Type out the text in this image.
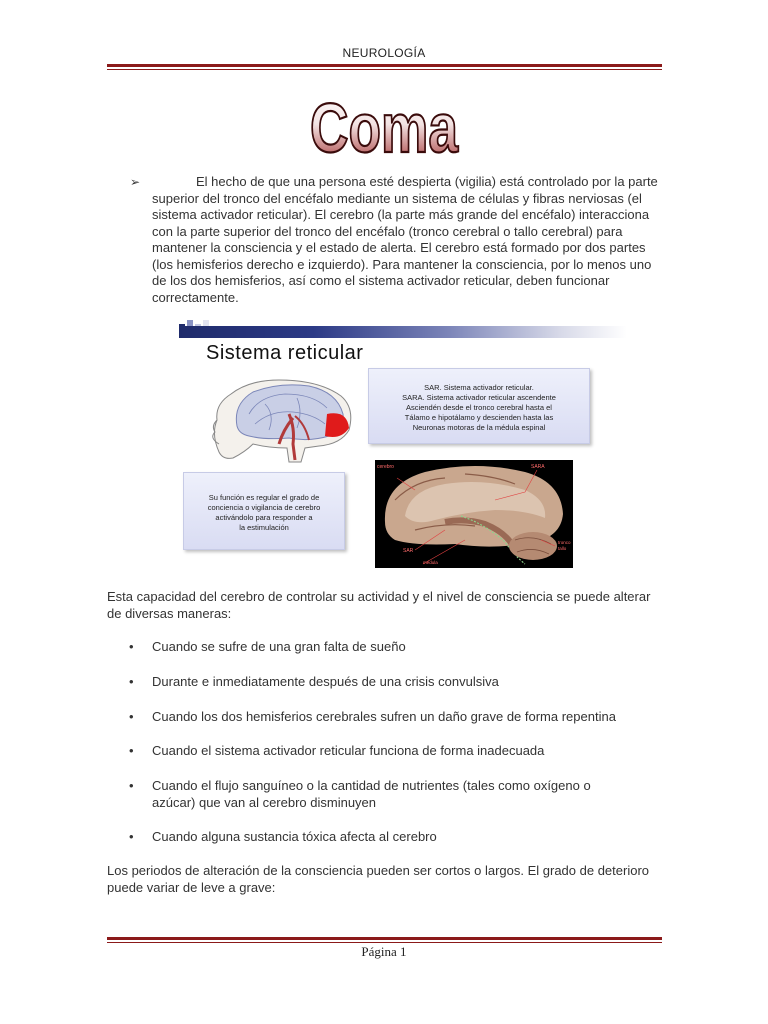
NEUROLOGÍA
Coma
➢	El hecho de que una persona esté despierta (vigilia) está controlado por la parte superior del tronco del encéfalo mediante un sistema de células y fibras nerviosas (el sistema activador reticular). El cerebro (la parte más grande del encéfalo) interacciona con la parte superior del tronco del encéfalo (tronco cerebral o tallo cerebral) para mantener la consciencia y el estado de alerta. El cerebro está formado por dos partes (los hemisferios derecho e izquierdo). Para mantener la consciencia, por lo menos uno de los dos hemisferios, así como el sistema activador reticular, deben funcionar correctamente.
Sistema reticular
SAR. Sistema activador reticular.
SARA. Sistema activador reticular ascendente
Asciendén desde el tronco cerebral hasta el
Tálamo e hipotálamo y descienden hasta las
Neuronas motoras de la médula espinal
Su función es regular el grado de
conciencia o vigilancia de cerebro
activándolo para responder a
la estimulación
cerebro	SARA
SAR
tronco
tallo
médula
Esta capacidad del cerebro de controlar su actividad y el nivel de consciencia se puede alterar de diversas maneras:
• Cuando se sufre de una gran falta de sueño
• Durante e inmediatamente después de una crisis convulsiva
• Cuando los dos hemisferios cerebrales sufren un daño grave de forma repentina
• Cuando el sistema activador reticular funciona de forma inadecuada
• Cuando el flujo sanguíneo o la cantidad de nutrientes (tales como oxígeno o azúcar) que van al cerebro disminuyen
• Cuando alguna sustancia tóxica afecta al cerebro
Los periodos de alteración de la consciencia pueden ser cortos o largos. El grado de deterioro puede variar de leve a grave:
Página 1
